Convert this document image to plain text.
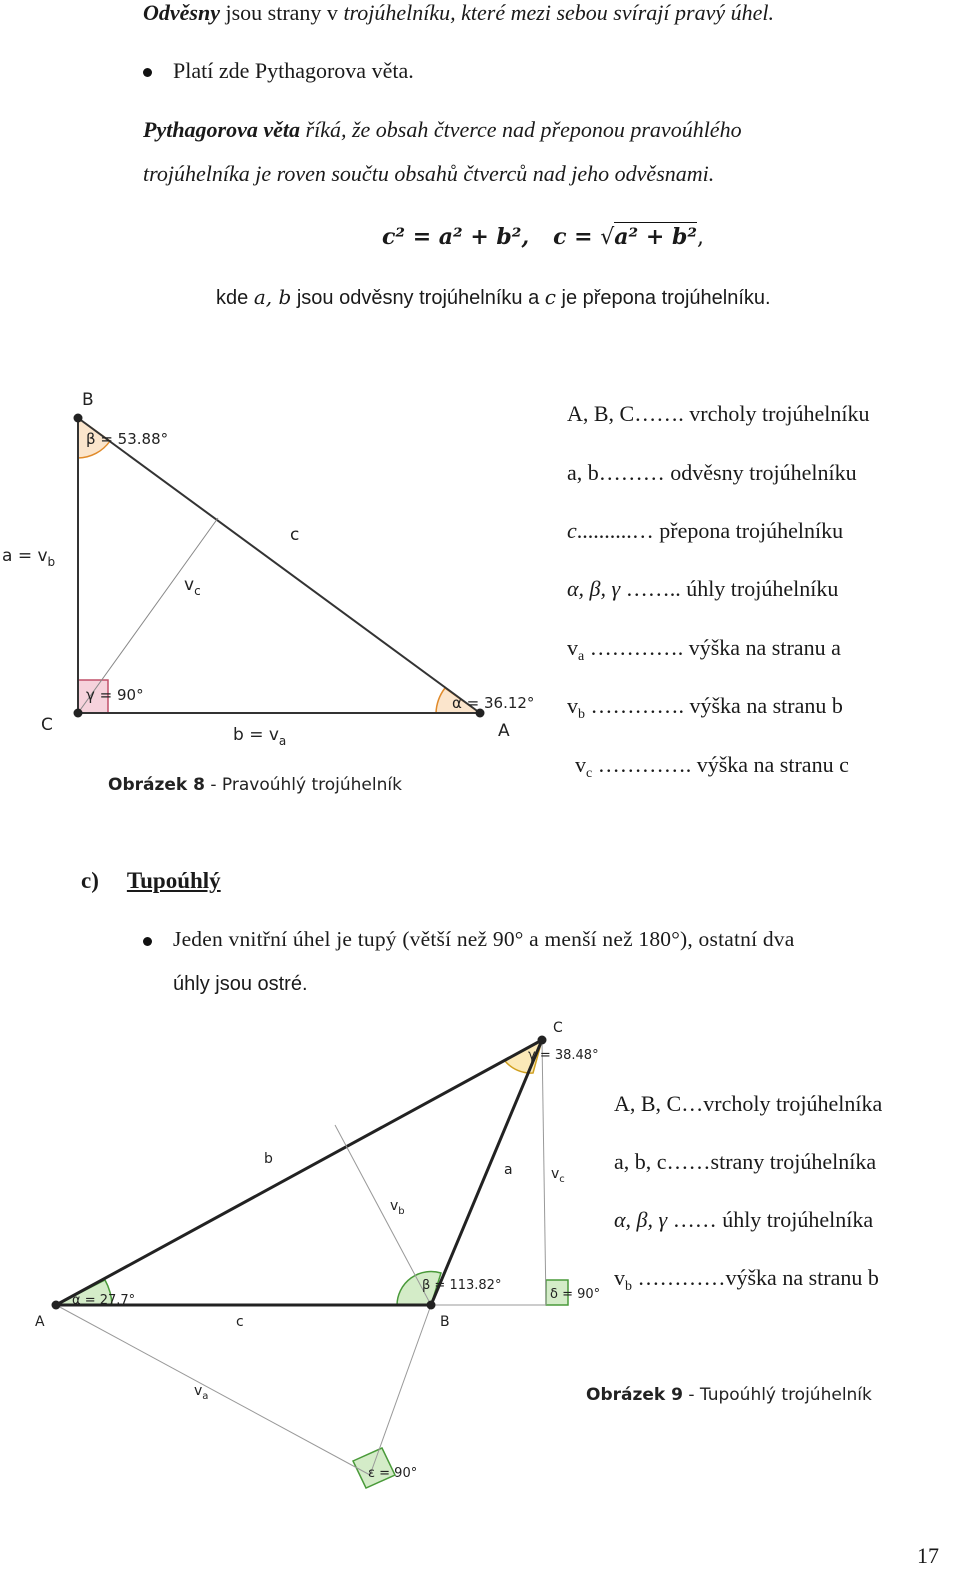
Odvěsny jsou strany v trojúhelníku, které mezi sebou svírají pravý úhel.
Platí zde Pythagorova věta.
Pythagorova věta říká, že obsah čtverce nad přeponou pravoúhlého
trojúhelníka je roven součtu obsahů čtverců nad jeho odvěsnami.
c² = a² + b², c = √a² + b²,
kde a, b jsou odvěsny trojúhelníku a c je přepona trojúhelníku.
B
C	A
c
$a = v_b$
$b = v_a$
$v_c$
β = 53.88°
γ = 90°	α = 36.12°
Obrázek 8 - Pravoúhlý trojúhelník
A, B, C……. vrcholy trojúhelníku
a, b……… odvěsny trojúhelníku
c..........… přepona trojúhelníku
α, β, γ …….. úhly trojúhelníku
$v_a$ …………. výška na stranu a
$v_b$ …………. výška na stranu b
$v_c$ …………. výška na stranu c
c) Tupoúhlý
Jeden vnitřní úhel je tupý (větší než 90° a menší než 180°), ostatní dva
úhly jsou ostré.
A	B
C
b
a
c
$v_b$
$v_c$
$v_a$
α = 27.7°
β = 113.82°
γ = 38.48°
δ = 90°
ε = 90°
A, B, C…vrcholy trojúhelníka
a, b, c……strany trojúhelníka
α, β, γ …… úhly trojúhelníka
$v_b$ …………výška na stranu b
Obrázek 9 - Tupoúhlý trojúhelník
17
